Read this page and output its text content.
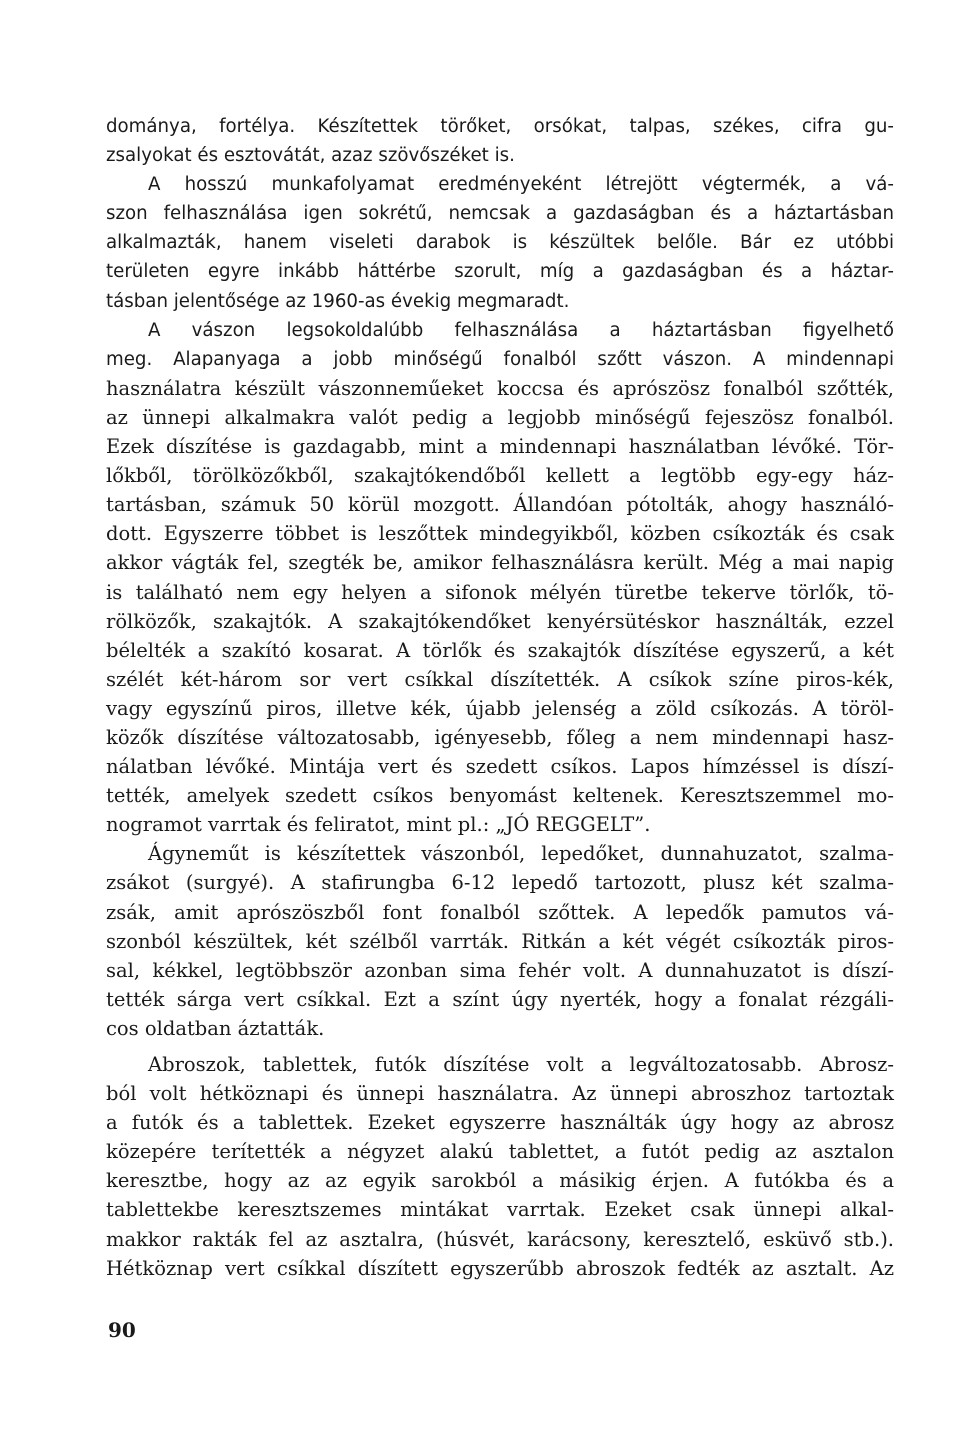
dománya, fortélya. Készítettek törőket, orsókat, talpas, székes, cifra gu-
zsalyokat és esztovátát, azaz szövőszéket is.
A hosszú munkafolyamat eredményeként létrejött végtermék, a vá-
szon felhasználása igen sokrétű, nemcsak a gazdaságban és a háztartásban
alkalmazták, hanem viseleti darabok is készültek belőle. Bár ez utóbbi
területen egyre inkább háttérbe szorult, míg a gazdaságban és a háztar-
tásban jelentősége az 1960-as évekig megmaradt.
A vászon legsokoldalúbb felhasználása a háztartásban figyelhető
meg. Alapanyaga a jobb minőségű fonalból szőtt vászon. A mindennapi
használatra készült vászonneműeket koccsa és aprószösz fonalból szőtték,
az ünnepi alkalmakra valót pedig a legjobb minőségű fejeszösz fonalból.
Ezek díszítése is gazdagabb, mint a mindennapi használatban lévőké. Tör-
lőkből, törölközőkből, szakajtókendőből kellett a legtöbb egy-egy ház-
tartásban, számuk 50 körül mozgott. Állandóan pótolták, ahogy használó-
dott. Egyszerre többet is leszőttek mindegyikből, közben csíkozták és csak
akkor vágták fel, szegték be, amikor felhasználásra került. Még a mai napig
is található nem egy helyen a sifonok mélyén türetbe tekerve törlők, tö-
rölközők, szakajtók. A szakajtókendőket kenyérsütéskor használták, ezzel
bélelték a szakító kosarat. A törlők és szakajtók díszítése egyszerű, a két
szélét két-három sor vert csíkkal díszítették. A csíkok színe piros-kék,
vagy egyszínű piros, illetve kék, újabb jelenség a zöld csíkozás. A töröl-
közők díszítése változatosabb, igényesebb, főleg a nem mindennapi hasz-
nálatban lévőké. Mintája vert és szedett csíkos. Lapos hímzéssel is díszí-
tették, amelyek szedett csíkos benyomást keltenek. Keresztszemmel mo-
nogramot varrtak és feliratot, mint pl.: „JÓ REGGELT”.
Ágyneműt is készítettek vászonból, lepedőket, dunnahuzatot, szalma-
zsákot (surgyé). A stafirungba 6-12 lepedő tartozott, plusz két szalma-
zsák, amit aprószöszből font fonalból szőttek. A lepedők pamutos vá-
szonból készültek, két szélből varrták. Ritkán a két végét csíkozták piros-
sal, kékkel, legtöbbször azonban sima fehér volt. A dunnahuzatot is díszí-
tették sárga vert csíkkal. Ezt a színt úgy nyerték, hogy a fonalat rézgáli-
cos oldatban áztatták.
Abroszok, tablettek, futók díszítése volt a legváltozatosabb. Abrosz-
ból volt hétköznapi és ünnepi használatra. Az ünnepi abroszhoz tartoztak
a futók és a tablettek. Ezeket egyszerre használták úgy hogy az abrosz
közepére terítették a négyzet alakú tablettet, a futót pedig az asztalon
keresztbe, hogy az az egyik sarokból a másikig érjen. A futókba és a
tablettekbe keresztszemes mintákat varrtak. Ezeket csak ünnepi alkal-
makkor rakták fel az asztalra, (húsvét, karácsony, keresztelő, esküvő stb.).
Hétköznap vert csíkkal díszített egyszerűbb abroszok fedték az asztalt. Az
90
